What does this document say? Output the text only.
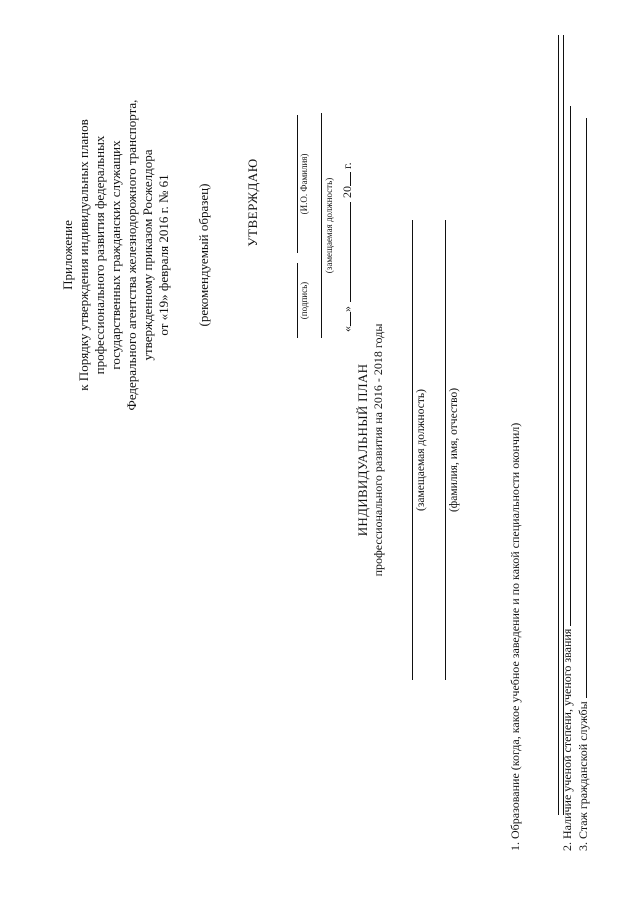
Приложение к Порядку утверждения индивидуальных планов профессионального развития федеральных государственных гражданских служащих Федерального агентства железнодорожного транспорта, утвержденному приказом Росжелдора от «19» февраля 2016 г. № 61 (рекомендуемый образец)	УТВЕРЖДАЮ
(подпись)
(И.О. Фамилия) (замещаемая должность)
«»20 г.
ИНДИВИДУАЛЬНЫЙ ПЛАН профессионального развития на 2016 - 2018 годы	(замещаемая должность) (фамилия, имя, отчество)	1. Образование (когда, какое учебное заведение и по какой специальности окончил)	2. Наличие ученой степени, ученого звания 3. Стаж гражданской службы
